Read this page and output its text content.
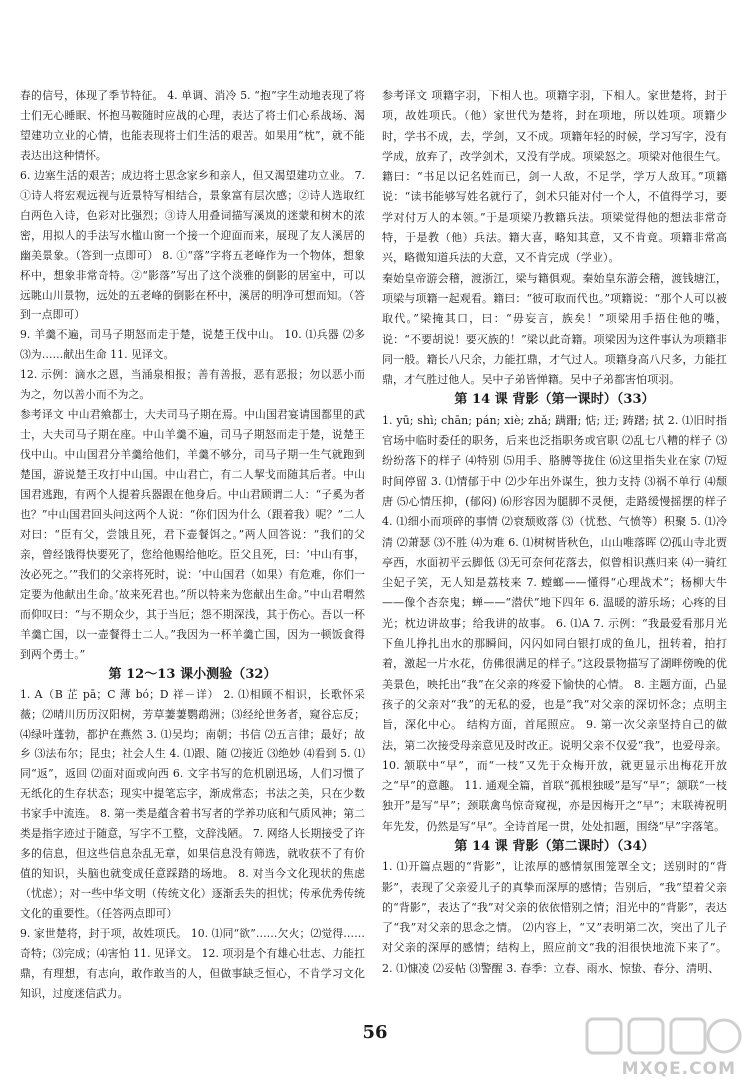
春的信号，体现了季节特征。 4. 单调、消冷 5. “抱”字生动地表现了将士们无心睡眠、怀抱马鞍随时应战的心理，表达了将士们心系战场、渴望建功立业的心情，也能表现将士们生活的艰苦。如果用“枕”，就不能表达出这种情怀。

6. 边塞生活的艰苦；成边将士思念家乡和亲人，但又渴望建功立业。 7. ①诗人将宏观远视与近景特写相结合，景象富有层次感；②诗人选取红白两色入诗，色彩对比强烈；③诗人用叠词描写溪岚的迷蒙和树木的浓密，用拟人的手法写水槛山窗一个接一个迎面而来，展现了友人溪居的幽美景象。（答到一点即可） 8. ①“落”字将五老峰作为一个物体，想象杯中，想象非常奇特。②“影落”写出了这个淡雅的倒影的居室中，可以远眺山川景物，远处的五老峰的倒影在杯中，溪居的明净可想而知。（答到一点即可）

9. 羊羹不遍，司马子期怒而走于楚，说楚王伐中山。 10. ⑴兵器 ⑵多 ⑶为……献出生命 11. 见译文。

12. 示例：滴水之恩，当涌泉相报；善有善报，恶有恶报；勿以恶小而为之，勿以善小而不为之。

参考译文 中山君飨都士，大夫司马子期在焉。中山国君宴请国都里的武士，大夫司马子期在座。中山羊羹不遍，司马子期怒而走于楚，说楚王伐中山。中山国君分羊羹给他们，羊羹不够分，司马子期一生气就跑到楚国，游说楚王攻打中山国。中山君亡，有二人挈戈而随其后者。中山国君逃跑，有两个人提着兵器跟在他身后。中山君顾谓二人：“子奚为者也？”中山国君回头问这两个人说：“你们因为什么（跟着我）呢？”二人对曰：“臣有父，尝饿且死，君下壶餐饵之。”两人回答说：“我们的父亲，曾经饿得快要死了，您给他赐给他吃。臣父且死，曰：‘中山有事，汝必死之。’”我们的父亲将死时，说：‘中山国君（如果）有危难，你们一定要为他献出生命。’故来死君也。”所以特来为您献出生命。”中山君喟然而仰叹曰：“与不期众少，其于当厄；怨不期深浅，其于伤心。吾以一杯羊羹亡国，以一壶餐得士二人。”我因为一杯羊羹亡国，因为一顿饭食得到两个勇士。”

第 12～13 课小测验（32）

1. A（B 芷 pā；C 薄 bó；D 祥－详） 2. ⑴相顾不相识，长歌怀采薇；⑵晴川历历汉阳树，芳草萋萋鹦鹉洲；⑶经纶世务者，窥谷忘反；⑷绿叶蓬勃，都护在燕然 3. ⑴吴均；南朝；书信 ⑵五言律；最好；故乡 ⑶法布尔；昆虫；社会人生 4. ⑴跟、随 ⑵接近 ⑶绝妙 ⑷看到 5. ⑴同“返”，返回 ⑵面对面或向西 6. 文字书写的危机剧迅场，人们习惯了无纸化的生存状态；现实中提笔忘字，渐成常态；书法之美，只在少数书家手中流连。 8. 第一类是蕴含着书写者的学养功底和气质风神；第二类是指字迹过于随意，写字不工整，文辞浅陋。 7. 网络人长期接受了许多的信息，但这些信息杂乱无章，如果信息没有筛选，就收获不了有价值的知识，头脑也就变成任意踩踏的场地。 8. 对当今文化现状的焦虑（忧虑）；对一些中华文明（传统文化）逐渐丢失的担忧；传承优秀传统文化的重要性。（任答两点即可）

9. 家世楚将，封于项，故姓项氏。 10. ⑴同“欲”……欠火；⑵觉得……奇特；⑶完成；⑷害怕 11. 见译文。 12. 项羽是个有雄心壮志、力能扛鼎，有理想，有志向，敢作敢当的人，但做事缺乏恒心，不肯学习文化知识，过度迷信武力。

参考译文 项籍字羽，下相人也。项籍字羽，下相人。家世楚将，封于项，故姓项氏。（他）家世代为楚将，封在项地，所以姓项。项籍少时，学书不成，去，学剑，又不成。项籍年轻的时候，学习写字，没有学成，放弃了，改学剑术，又没有学成。项梁怒之。项梁对他很生气。籍曰：“书足以记名姓而已，剑一人敌，不足学，学万人敌耳。”项籍说：“读书能够写姓名就行了，剑术只能对付一个人，不值得学习，要学对付万人的本领。”于是项梁乃教籍兵法。项梁觉得他的想法非常奇特，于是教（他）兵法。籍大喜，略知其意，又不肯竟。项籍非常高兴，略微知道兵法的大意，又不肯完成（学业）。

秦始皇帝游会稽，渡浙江，梁与籍俱观。秦始皇东游会稽，渡钱塘江，项梁与项籍一起观看。籍曰：“彼可取而代也。”项籍说：“那个人可以被取代。”梁掩其口，曰：“毋妄言，族矣！”项梁用手捂住他的嘴，说：“不要胡说！要灭族的！”梁以此奇籍。项梁因为这件事认为项籍非同一般。籍长八尺余，力能扛鼎，才气过人。项籍身高八尺多，力能扛鼎，才气胜过他人。吴中子弟皆惮籍。吴中子弟都害怕项羽。

第 14 课 背影（第一课时）（33）

1. yū; shì; chān; pán; xiè; zhǎ; 蹒跚; 惦; 迂; 踌躇; 拭 2. ⑴旧时指官场中临时委任的职务，后来也泛指职务或官职 ⑵乱七八糟的样子 ⑶纷纷落下的样子 ⑷特别 ⑸用手、胳膊等拢住 ⑹这里指失业在家 ⑺短时间停留 3. ⑴情郁于中 ⑵少年出外谋生，独力支持 ⑶祸不单行 ⑷颓唐 ⑸心情压抑，(郁闷) ⑹形容因为腿脚不灵便，走路缓慢摇摆的样子 4. ⑴细小而项碎的事情 ⑵衰颓败落 ⑶（忧愁、气愤等）积聚 5. ⑴冷清 ⑵萧瑟 ⑶不胜 ⑷为难 6. ⑴树树皆秋色，山山唯落晖 ⑵孤山寺北贾亭西，水面初平云脚低 ⑶无可奈何花落去，似曾相识燕归来 ⑷一骑红尘妃子笑，无人知是荔枝来 7. 螳螂——懂得“心理战术”；杨柳大牛——像个杏奈鬼；蝉——“潜伏”地下四年 6. 温暖的游乐场；心疼的目光；枕边讲故事；给我讲的故事。 6. ⑴A 7. 示例：“我最爱看那月光下鱼儿挣扎出水的那瞬间，闪闪如同白银打成的鱼儿，扭转着，拍打着，激起一片水花，仿佛很满足的样子。”这段景物描写了湖畔傍晚的优美景色，映托出“我”在父亲的疼爱下愉快的心情。 8. 主题方面，凸显孩子的父亲对“我”的无私的爱，也是“我”对父亲的深切怀念；点明主旨，深化中心。 结构方面，首尾照应。 9. 第一次父亲坚持自己的做法，第二次接受母亲意见及时改正。说明父亲不仅爱“我”，也爱母亲。 10. 颔联中“早”，而“一枝”又先于众梅开放，就更显示出梅花开放之“早”的意趣。 11. 通观全篇，首联“孤根独暖”是写“早”；颔联“一枝独开”是写“早”；颈联禽鸟惊奇窥视，亦是因梅开之“早”；末联祷祝明年先发，仍然是写“早”。全诗首尾一贯，处处扣题，围绕“早”字落笔。

第 14 课 背影（第二课时）（34）

1. ⑴开篇点题的“背影”，让浓厚的感情氛围笼罩全文；送别时的“背影”，表现了父亲爱儿子的真挚而深厚的感情；告别后，“我”望着父亲的“背影”，表达了“我”对父亲的依依惜别之情；泪光中的“背影”，表达了“我”对父亲的思念之情。 ⑵内容上，“又”表明第二次，突出了儿子对父亲的深厚的感情；结构上，照应前文“我的泪很快地流下来了”。 2. ⑴慷凌 ⑵妥帖 ⑶警醒 3. 春季：立春、雨水、惊蛰、春分、清明、

56
MXQE.COM
